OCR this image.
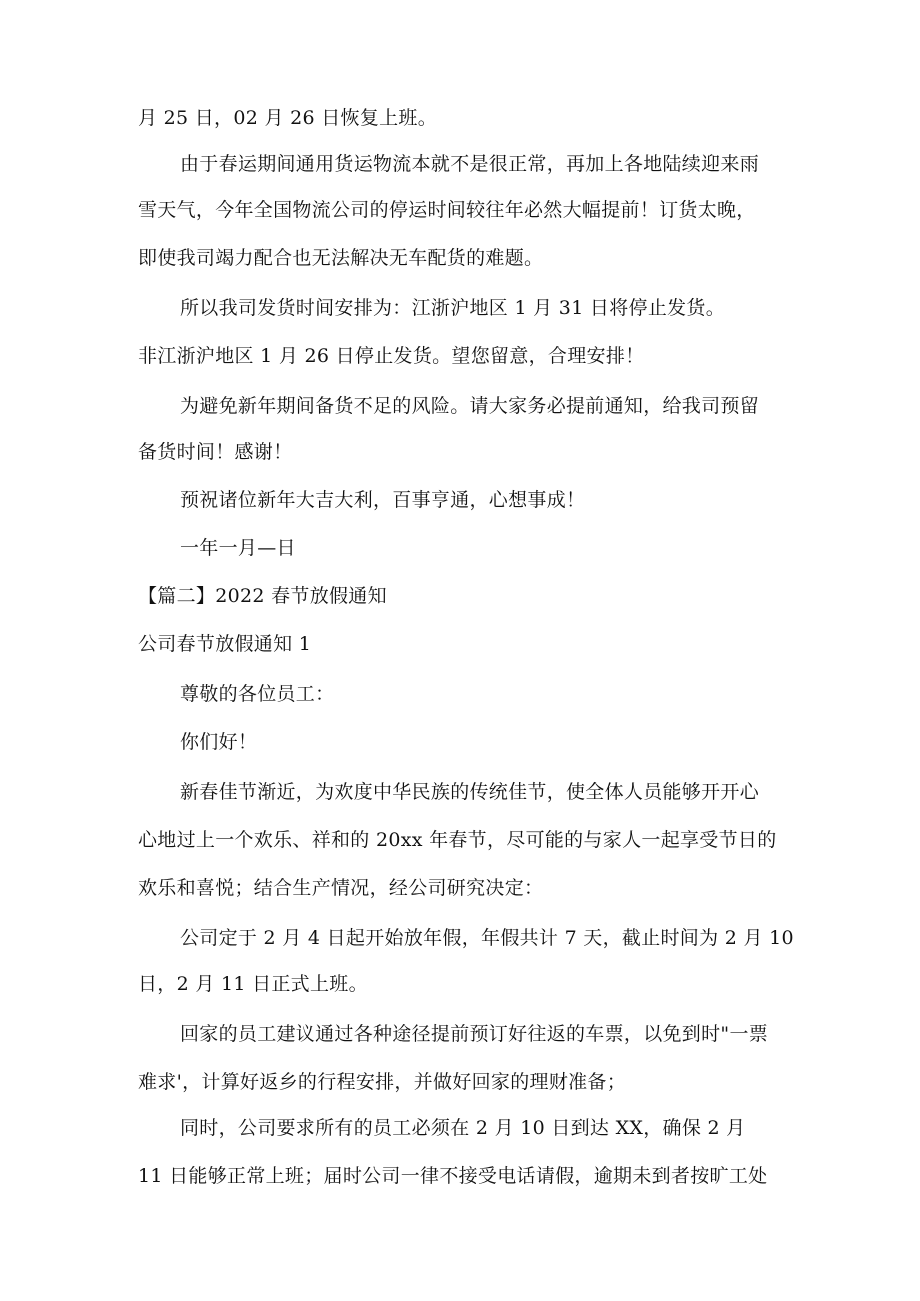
月 25 日，02 月 26 日恢复上班。
由于春运期间通用货运物流本就不是很正常，再加上各地陆续迎来雨
雪天气，今年全国物流公司的停运时间较往年必然大幅提前！订货太晚，
即使我司竭力配合也无法解决无车配货的难题。
所以我司发货时间安排为：江浙沪地区 1 月 31 日将停止发货。
非江浙沪地区 1 月 26 日停止发货。望您留意，合理安排！
为避免新年期间备货不足的风险。请大家务必提前通知，给我司预留
备货时间！感谢！
预祝诸位新年大吉大利，百事亨通，心想事成！
一年一月—日
【篇二】2022 春节放假通知
公司春节放假通知 1
尊敬的各位员工：
你们好！
新春佳节渐近，为欢度中华民族的传统佳节，使全体人员能够开开心
心地过上一个欢乐、祥和的 20xx 年春节，尽可能的与家人一起享受节日的
欢乐和喜悦；结合生产情况，经公司研究决定：
公司定于 2 月 4 日起开始放年假，年假共计 7 天，截止时间为 2 月 10
日，2 月 11 日正式上班。
回家的员工建议通过各种途径提前预订好往返的车票，以免到时"一票
难求'，计算好返乡的行程安排，并做好回家的理财准备；
同时，公司要求所有的员工必须在 2 月 10 日到达 XX，确保 2 月
11 日能够正常上班；届时公司一律不接受电话请假，逾期未到者按旷工处
